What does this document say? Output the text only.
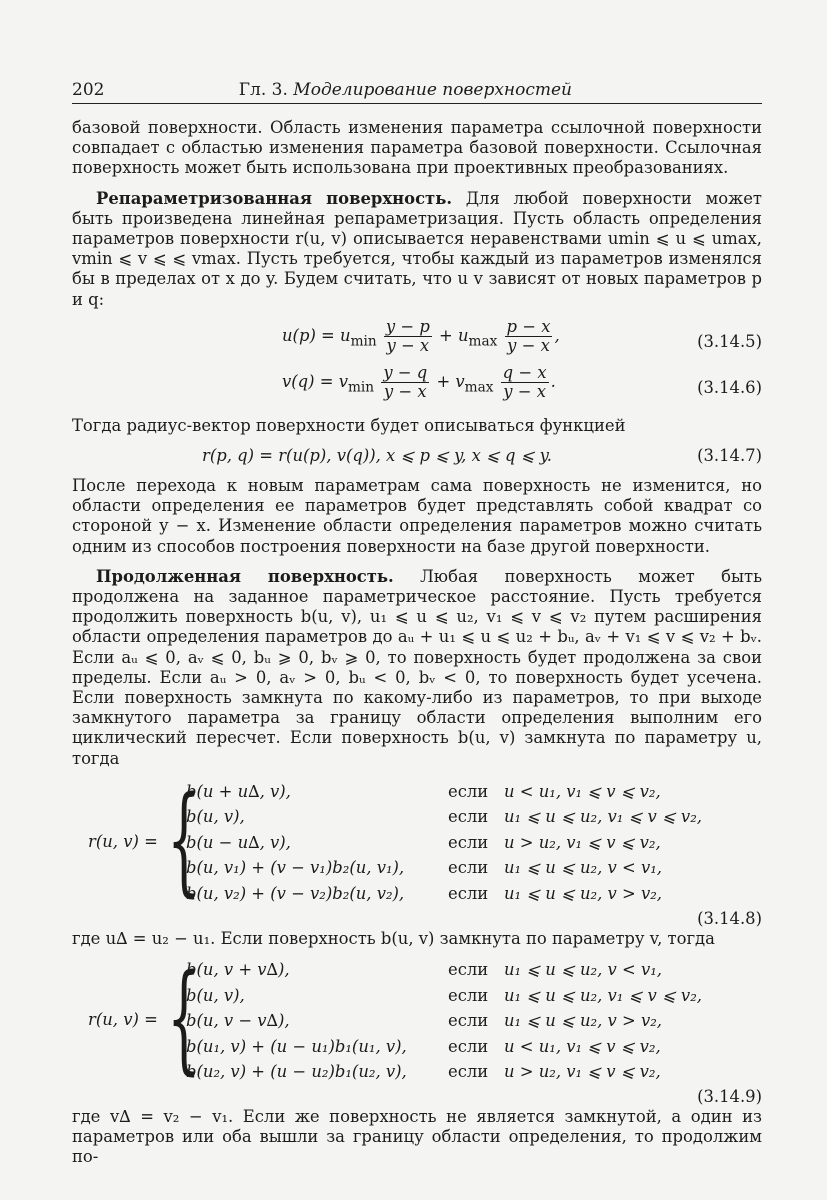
202	Гл. 3. Моделирование поверхностей

базовой поверхности. Область изменения параметра ссылочной поверхности совпадает с областью изменения параметра базовой поверхности. Ссылочная поверхность может быть использована при проективных преобразованиях.

Репараметризованная поверхность. Для любой поверхности может быть произведена линейная репараметризация. Пусть область определения параметров поверхности r(u, v) описывается неравенствами umin ⩽ u ⩽ umax, vmin ⩽ v ⩽ ⩽ vmax. Пусть требуется, чтобы каждый из параметров изменялся бы в пределах от x до y. Будем считать, что u v зависят от новых параметров p и q:

$u(p) = u_{min} \frac{y - p}{y - x} + u_{max} \frac{p - x}{y - x}$ ,	(3.14.5)
$v(q) = v_{min} \frac{y - q}{y - x} + v_{max} \frac{q - x}{y - x}$ .	(3.14.6)

Тогда радиус-вектор поверхности будет описываться функцией

r(p, q) = r(u(p), v(q)), x ⩽ p ⩽ y, x ⩽ q ⩽ y.	(3.14.7)

После перехода к новым параметрам сама поверхность не изменится, но области определения ее параметров будет представлять собой квадрат со стороной y − x. Изменение области определения параметров можно считать одним из способов построения поверхности на базе другой поверхности.

Продолженная поверхность. Любая поверхность может быть продолжена на заданное параметрическое расстояние. Пусть требуется продолжить поверхность b(u, v), u₁ ⩽ u ⩽ u₂, v₁ ⩽ v ⩽ v₂ путем расширения области определения параметров до aᵤ + u₁ ⩽ u ⩽ u₂ + bᵤ, aᵥ + v₁ ⩽ v ⩽ v₂ + bᵥ. Если aᵤ ⩽ 0, aᵥ ⩽ 0, bᵤ ⩾ 0, bᵥ ⩾ 0, то поверхность будет продолжена за свои пределы. Если aᵤ > 0, aᵥ > 0, bᵤ < 0, bᵥ < 0, то поверхность будет усечена. Если поверхность замкнута по какому-либо из параметров, то при выходе замкнутого параметра за границу области определения выполним его циклический пересчет. Если поверхность b(u, v) замкнута по параметру u, тогда

r(u, v) = {
b(u + u∆, v),	если u < u₁, v₁ ⩽ v ⩽ v₂,
b(u, v),	если u₁ ⩽ u ⩽ u₂, v₁ ⩽ v ⩽ v₂,
b(u − u∆, v),	если u > u₂, v₁ ⩽ v ⩽ v₂,
b(u, v₁) + (v − v₁)b₂(u, v₁),	если u₁ ⩽ u ⩽ u₂, v < v₁,
b(u, v₂) + (v − v₂)b₂(u, v₂),	если u₁ ⩽ u ⩽ u₂, v > v₂,
(3.14.8)

где u∆ = u₂ − u₁. Если поверхность b(u, v) замкнута по параметру v, тогда

r(u, v) = {
b(u, v + v∆),	если u₁ ⩽ u ⩽ u₂, v < v₁,
b(u, v),	если u₁ ⩽ u ⩽ u₂, v₁ ⩽ v ⩽ v₂,
b(u, v − v∆),	если u₁ ⩽ u ⩽ u₂, v > v₂,
b(u₁, v) + (u − u₁)b₁(u₁, v),	если u < u₁, v₁ ⩽ v ⩽ v₂,
b(u₂, v) + (u − u₂)b₁(u₂, v),	если u > u₂, v₁ ⩽ v ⩽ v₂,
(3.14.9)

где v∆ = v₂ − v₁. Если же поверхность не является замкнутой, а один из параметров или оба вышли за границу области определения, то продолжим по-
